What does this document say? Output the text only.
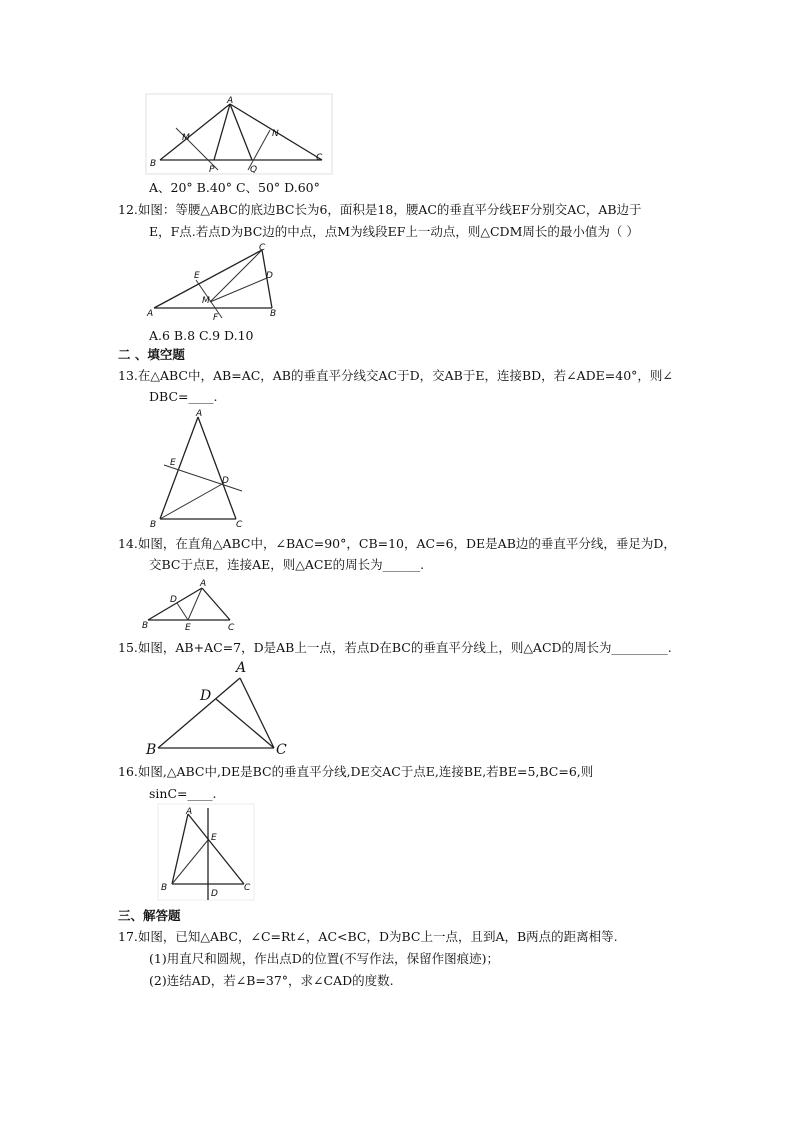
A
B
C
M	N
P	Q
A、20° B.40° C、50° D.60°
12.如图：等腰△ABC的底边BC长为6，面积是18，腰AC的垂直平分线EF分别交AC，AB边于
E，F点.若点D为BC边的中点，点M为线段EF上一动点，则△CDM周长的最小值为（ ）
A	B
C
D
E
F
M
A.6 B.8 C.9 D.10
二 、填空题
13.在△ABC中，AB=AC，AB的垂直平分线交AC于D，交AB于E，连接BD，若∠ADE=40°，则∠
DBC=____.
A
B	C
D
E
14.如图，在直角△ABC中，∠BAC=90°，CB=10，AC=6，DE是AB边的垂直平分线，垂足为D，
交BC于点E，连接AE，则△ACE的周长为______.
A
B	C
D
E
15.如图，AB+AC=7，D是AB上一点，若点D在BC的垂直平分线上，则△ACD的周长为_________.
A
B	C
D
16.如图,△ABC中,DE是BC的垂直平分线,DE交AC于点E,连接BE,若BE=5,BC=6,则
sinC=____.
A
B	C
D
E
三、解答题
17.如图，已知△ABC，∠C=Rt∠，AC<BC，D为BC上一点，且到A，B两点的距离相等.
(1)用直尺和圆规，作出点D的位置(不写作法，保留作图痕迹)；
(2)连结AD，若∠B=37°，求∠CAD的度数.
